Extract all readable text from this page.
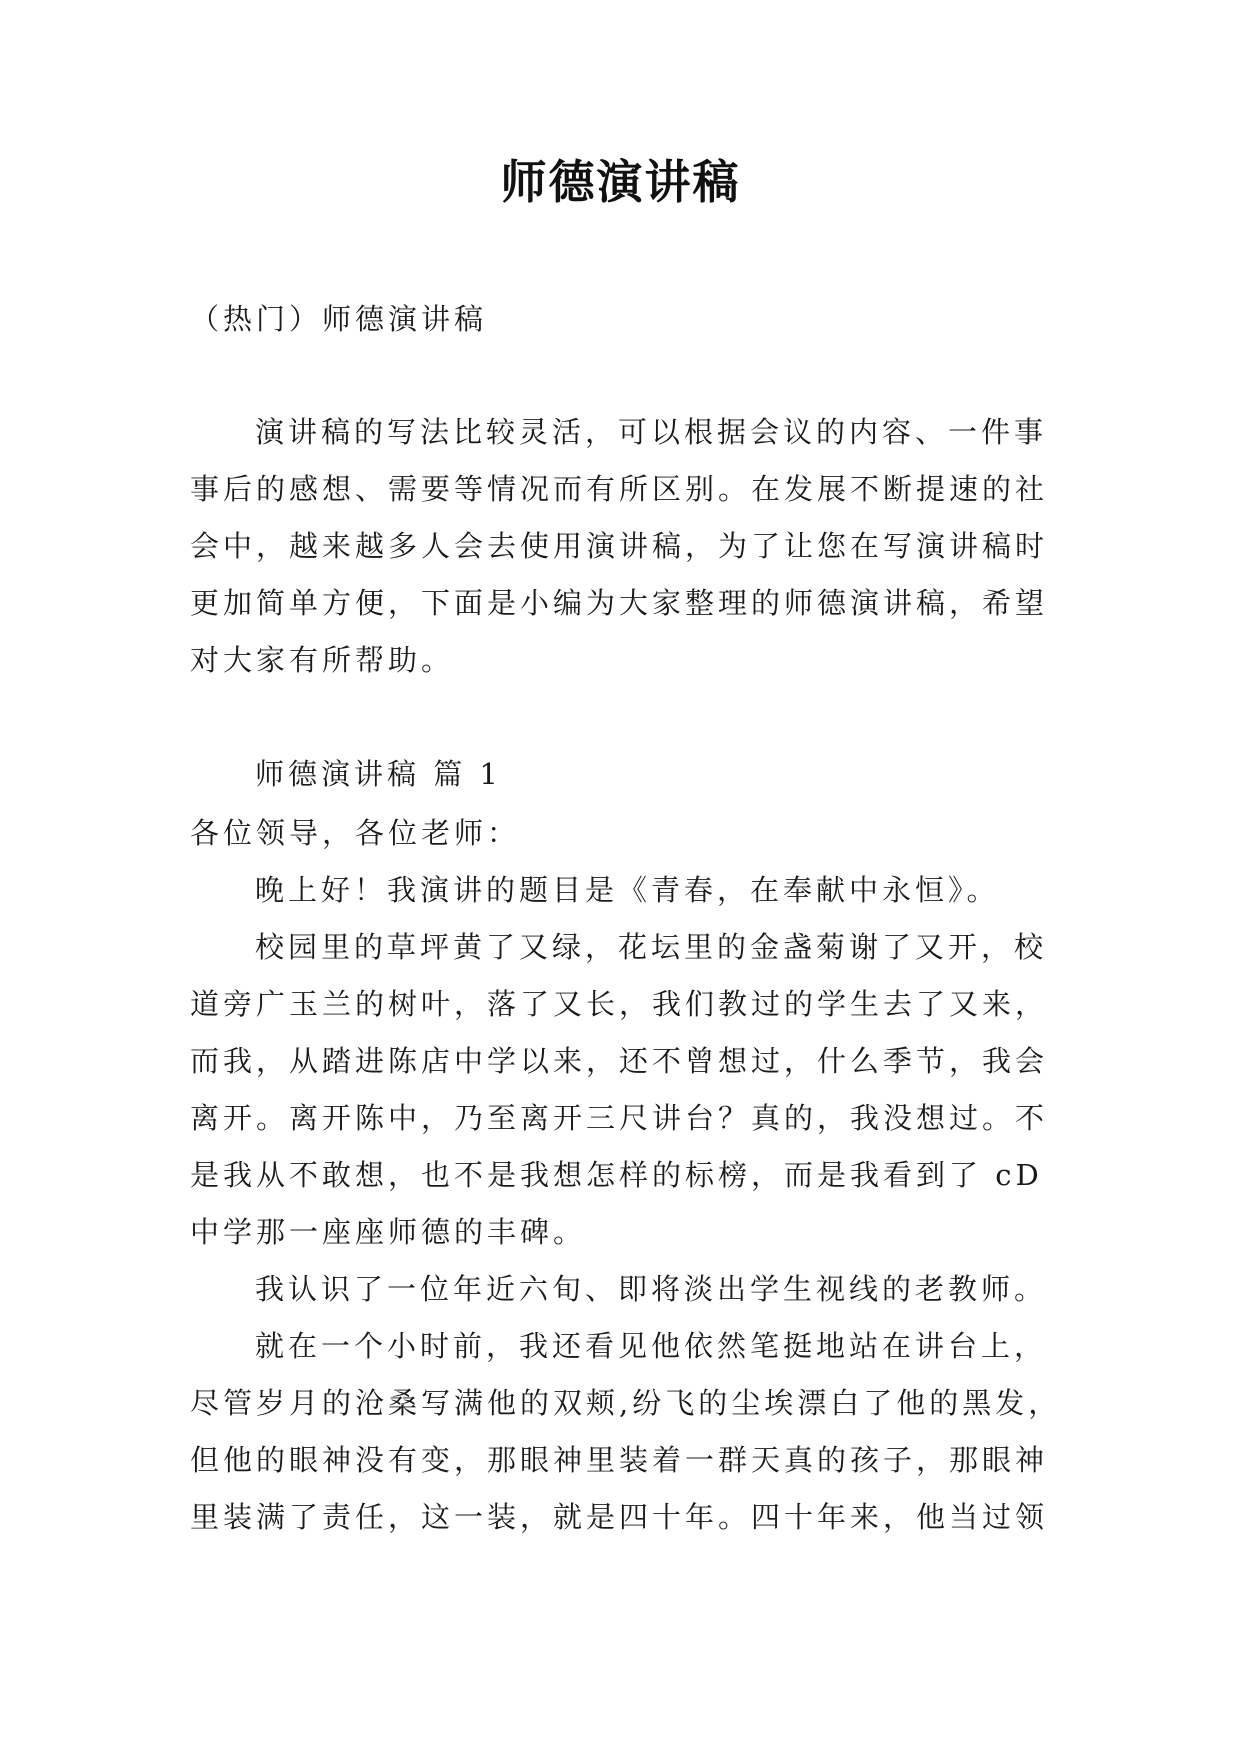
师德演讲稿
（热门）师德演讲稿
演讲稿的写法比较灵活，可以根据会议的内容、一件事
事后的感想、需要等情况而有所区别。在发展不断提速的社
会中，越来越多人会去使用演讲稿，为了让您在写演讲稿时
更加简单方便，下面是小编为大家整理的师德演讲稿，希望
对大家有所帮助。
师德演讲稿 篇 1
各位领导，各位老师：
晚上好！我演讲的题目是《青春，在奉献中永恒》。
校园里的草坪黄了又绿，花坛里的金盏菊谢了又开，校
道旁广玉兰的树叶，落了又长，我们教过的学生去了又来，
而我，从踏进陈店中学以来，还不曾想过，什么季节，我会
离开。离开陈中，乃至离开三尺讲台？真的，我没想过。不
是我从不敢想，也不是我想怎样的标榜，而是我看到了 cD
中学那一座座师德的丰碑。
我认识了一位年近六旬、即将淡出学生视线的老教师。
就在一个小时前，我还看见他依然笔挺地站在讲台上，
尽管岁月的沧桑写满他的双颊,纷飞的尘埃漂白了他的黑发，
但他的眼神没有变，那眼神里装着一群天真的孩子，那眼神
里装满了责任，这一装，就是四十年。四十年来，他当过领
